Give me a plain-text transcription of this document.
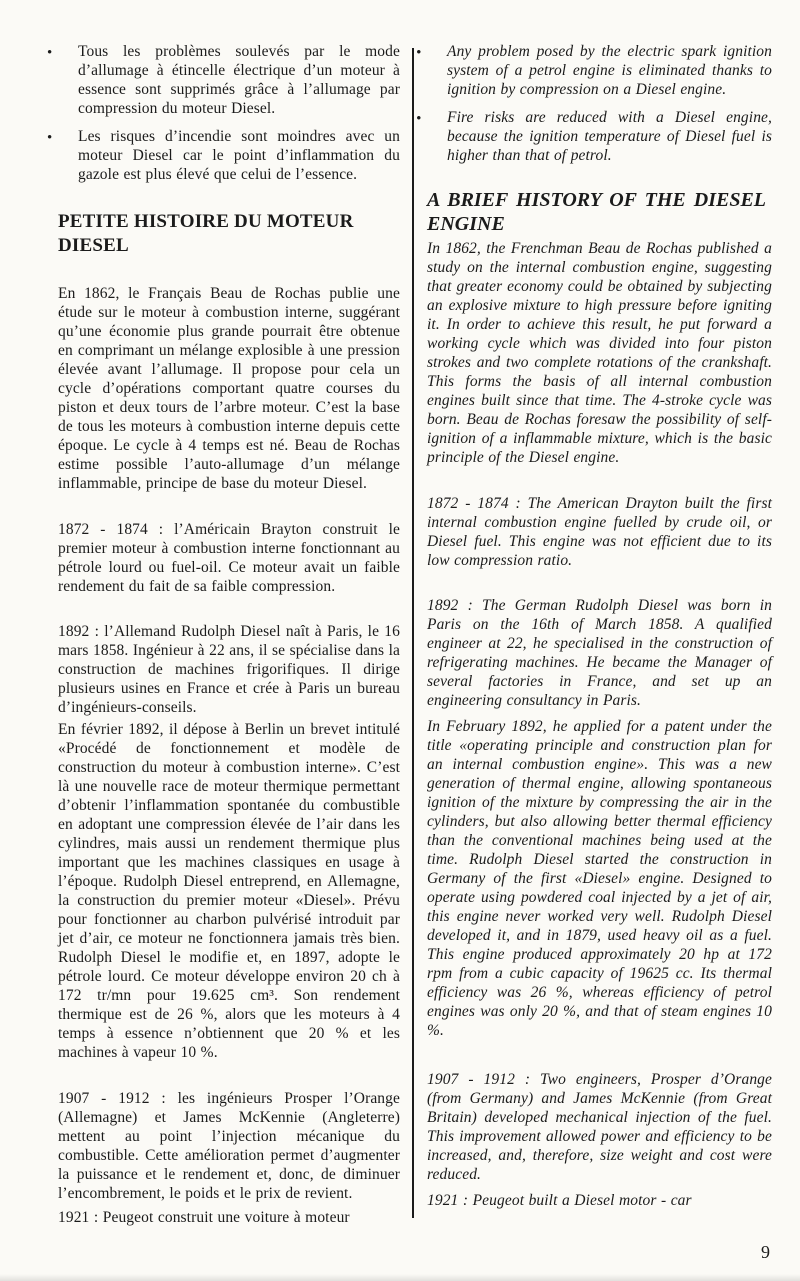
•	Tous les problèmes soulevés par le mode d’allumage à étincelle électrique d’un moteur à essence sont supprimés grâce à l’allumage par compression du moteur Diesel.
•	Les risques d’incendie sont moindres avec un moteur Diesel car le point d’inflammation du gazole est plus élevé que celui de l’essence.
PETITE HISTOIRE DU MOTEUR DIESEL

En 1862, le Français Beau de Rochas publie une étude sur le moteur à combustion interne, suggérant qu’une économie plus grande pourrait être obtenue en comprimant un mélange explosible à une pression élevée avant l’allumage. Il propose pour cela un cycle d’opérations comportant quatre courses du piston et deux tours de l’arbre moteur. C’est la base de tous les moteurs à combustion interne depuis cette époque. Le cycle à 4 temps est né. Beau de Rochas estime possible l’auto-allumage d’un mélange inflammable, principe de base du moteur Diesel.

1872 - 1874 : l’Américain Brayton construit le premier moteur à combustion interne fonctionnant au pétrole lourd ou fuel-oil. Ce moteur avait un faible rendement du fait de sa faible compression.

1892 : l’Allemand Rudolph Diesel naît à Paris, le 16 mars 1858. Ingénieur à 22 ans, il se spécialise dans la construction de machines frigorifiques. Il dirige plusieurs usines en France et crée à Paris un bureau d’ingénieurs-conseils.

En février 1892, il dépose à Berlin un brevet intitulé «Procédé de fonctionnement et modèle de construction du moteur à combustion interne». C’est là une nouvelle race de moteur thermique permettant d’obtenir l’inflammation spontanée du combustible en adoptant une compression élevée de l’air dans les cylindres, mais aussi un rendement thermique plus important que les machines classiques en usage à l’époque. Rudolph Diesel entreprend, en Allemagne, la construction du premier moteur «Diesel». Prévu pour fonctionner au charbon pulvérisé introduit par jet d’air, ce moteur ne fonctionnera jamais très bien. Rudolph Diesel le modifie et, en 1897, adopte le pétrole lourd. Ce moteur développe environ 20 ch à 172 tr/mn pour 19.625 cm³. Son rendement thermique est de 26 %, alors que les moteurs à 4 temps à essence n’obtiennent que 20 % et les machines à vapeur 10 %.

1907 - 1912 : les ingénieurs Prosper l’Orange (Allemagne) et James McKennie (Angleterre) mettent au point l’injection mécanique du combustible. Cette amélioration permet d’augmenter la puissance et le rendement et, donc, de diminuer l’encombrement, le poids et le prix de revient.

1921 : Peugeot construit une voiture à moteur

•	Any problem posed by the electric spark ignition system of a petrol engine is eliminated thanks to ignition by compression on a Diesel engine.
•	Fire risks are reduced with a Diesel engine, because the ignition temperature of Diesel fuel is higher than that of petrol.
A BRIEF HISTORY OF THE DIESEL ENGINE

In 1862, the Frenchman Beau de Rochas published a study on the internal combustion engine, suggesting that greater economy could be obtained by subjecting an explosive mixture to high pressure before igniting it. In order to achieve this result, he put forward a working cycle which was divided into four piston strokes and two complete rotations of the crankshaft. This forms the basis of all internal combustion engines built since that time. The 4-stroke cycle was born. Beau de Rochas foresaw the possibility of self-ignition of a inflammable mixture, which is the basic principle of the Diesel engine.

1872 - 1874 : The American Drayton built the first internal combustion engine fuelled by crude oil, or Diesel fuel. This engine was not efficient due to its low compression ratio.

1892 : The German Rudolph Diesel was born in Paris on the 16th of March 1858. A qualified engineer at 22, he specialised in the construction of refrigerating machines. He became the Manager of several factories in France, and set up an engineering consultancy in Paris.

In February 1892, he applied for a patent under the title «operating principle and construction plan for an internal combustion engine». This was a new generation of thermal engine, allowing spontaneous ignition of the mixture by compressing the air in the cylinders, but also allowing better thermal efficiency than the conventional machines being used at the time. Rudolph Diesel started the construction in Germany of the first «Diesel» engine. Designed to operate using powdered coal injected by a jet of air, this engine never worked very well. Rudolph Diesel developed it, and in 1879, used heavy oil as a fuel. This engine produced approximately 20 hp at 172 rpm from a cubic capacity of 19625 cc. Its thermal efficiency was 26 %, whereas efficiency of petrol engines was only 20 %, and that of steam engines 10 %.

1907 - 1912 : Two engineers, Prosper d’Orange (from Germany) and James McKennie (from Great Britain) developed mechanical injection of the fuel. This improvement allowed power and efficiency to be increased, and, therefore, size weight and cost were reduced.

1921 : Peugeot built a Diesel motor - car

9
